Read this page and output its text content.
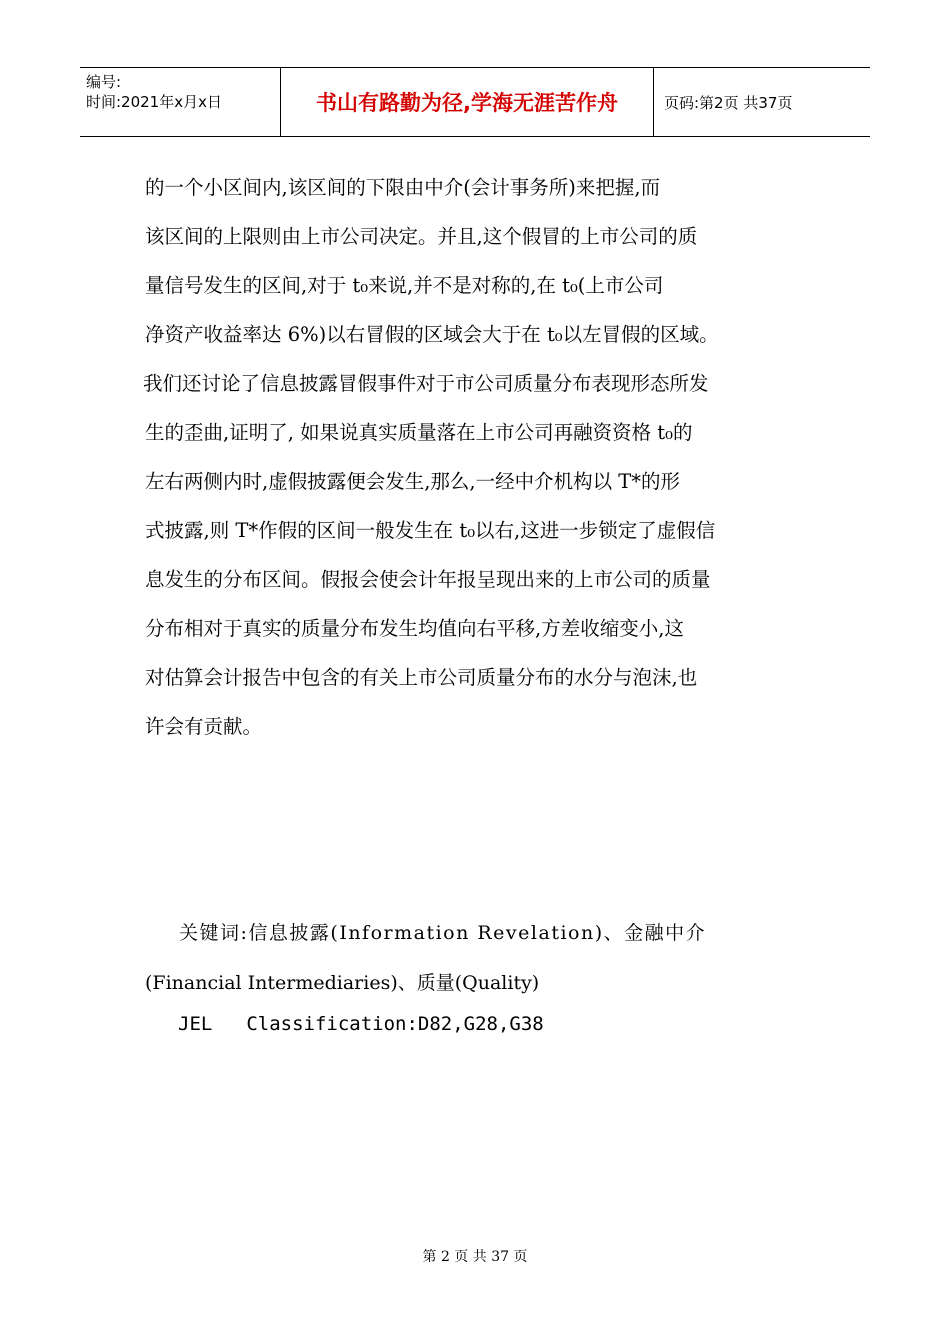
编号:
时间:2021年x月x日	书山有路勤为径,学海无涯苦作舟	页码:第2页 共37页
的一个小区间内,该区间的下限由中介(会计事务所)来把握,而
该区间的上限则由上市公司决定。并且,这个假冒的上市公司的质
量信号发生的区间,对于 t₀来说,并不是对称的,在 t₀(上市公司
净资产收益率达 6%)以右冒假的区域会大于在 t₀以左冒假的区域。
我们还讨论了信息披露冒假事件对于市公司质量分布表现形态所发
生的歪曲,证明了, 如果说真实质量落在上市公司再融资资格 t₀的
左右两侧内时,虚假披露便会发生,那么,一经中介机构以 T*的形
式披露,则 T*作假的区间一般发生在 t₀以右,这进一步锁定了虚假信
息发生的分布区间。假报会使会计年报呈现出来的上市公司的质量
分布相对于真实的质量分布发生均值向右平移,方差收缩变小,这
对估算会计报告中包含的有关上市公司质量分布的水分与泡沫,也
许会有贡献。
关键词:信息披露(Information Revelation)、金融中介
(Financial Intermediaries)、质量(Quality)
JEL Classification:D82,G28,G38
第 2 页 共 37 页
